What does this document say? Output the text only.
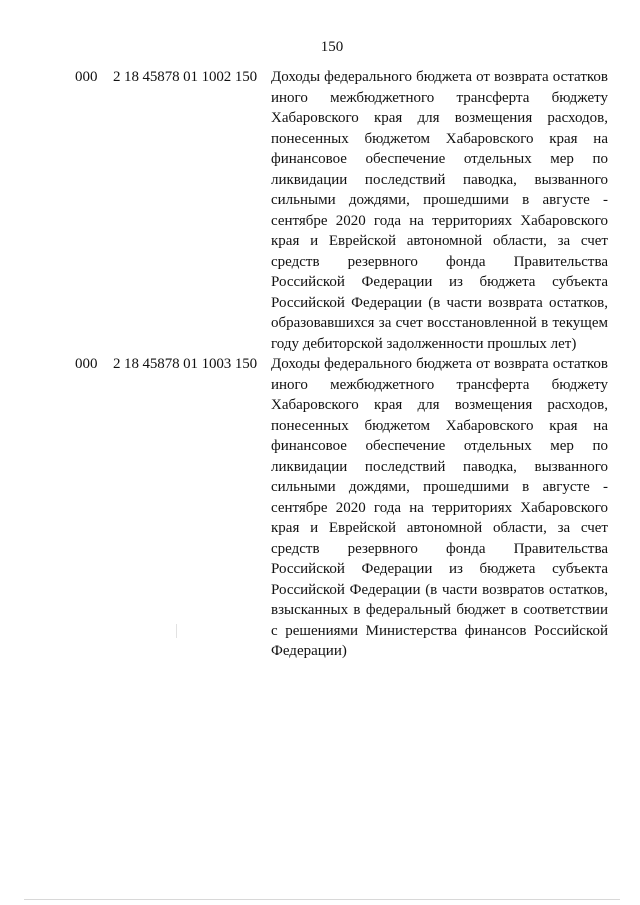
150
000	2 18 45878 01 1002 150 Доходы федерального бюджета от возврата остатков иного межбюджетного трансферта бюджету Хабаровского края для возмещения расходов, понесенных бюджетом Хабаровского края на финансовое обеспечение отдельных мер по ликвидации последствий паводка, вызванного сильными дождями, прошедшими в августе - сентябре 2020 года на территориях Хабаровского края и Еврейской автономной области, за счет средств резервного фонда Правительства Российской Федерации из бюджета субъекта Российской Федерации (в части возврата остатков, образовавшихся за счет восстановленной в текущем году дебиторской задолженности прошлых лет)
000	2 18 45878 01 1003 150 Доходы федерального бюджета от возврата остатков иного межбюджетного трансферта бюджету Хабаровского края для возмещения расходов, понесенных бюджетом Хабаровского края на финансовое обеспечение отдельных мер по ликвидации последствий паводка, вызванного сильными дождями, прошедшими в августе - сентябре 2020 года на территориях Хабаровского края и Еврейской автономной области, за счет средств резервного фонда Правительства Российской Федерации из бюджета субъекта Российской Федерации (в части возвратов остатков, взысканных в федеральный бюджет в соответствии с решениями Министерства финансов Российской Федерации)
